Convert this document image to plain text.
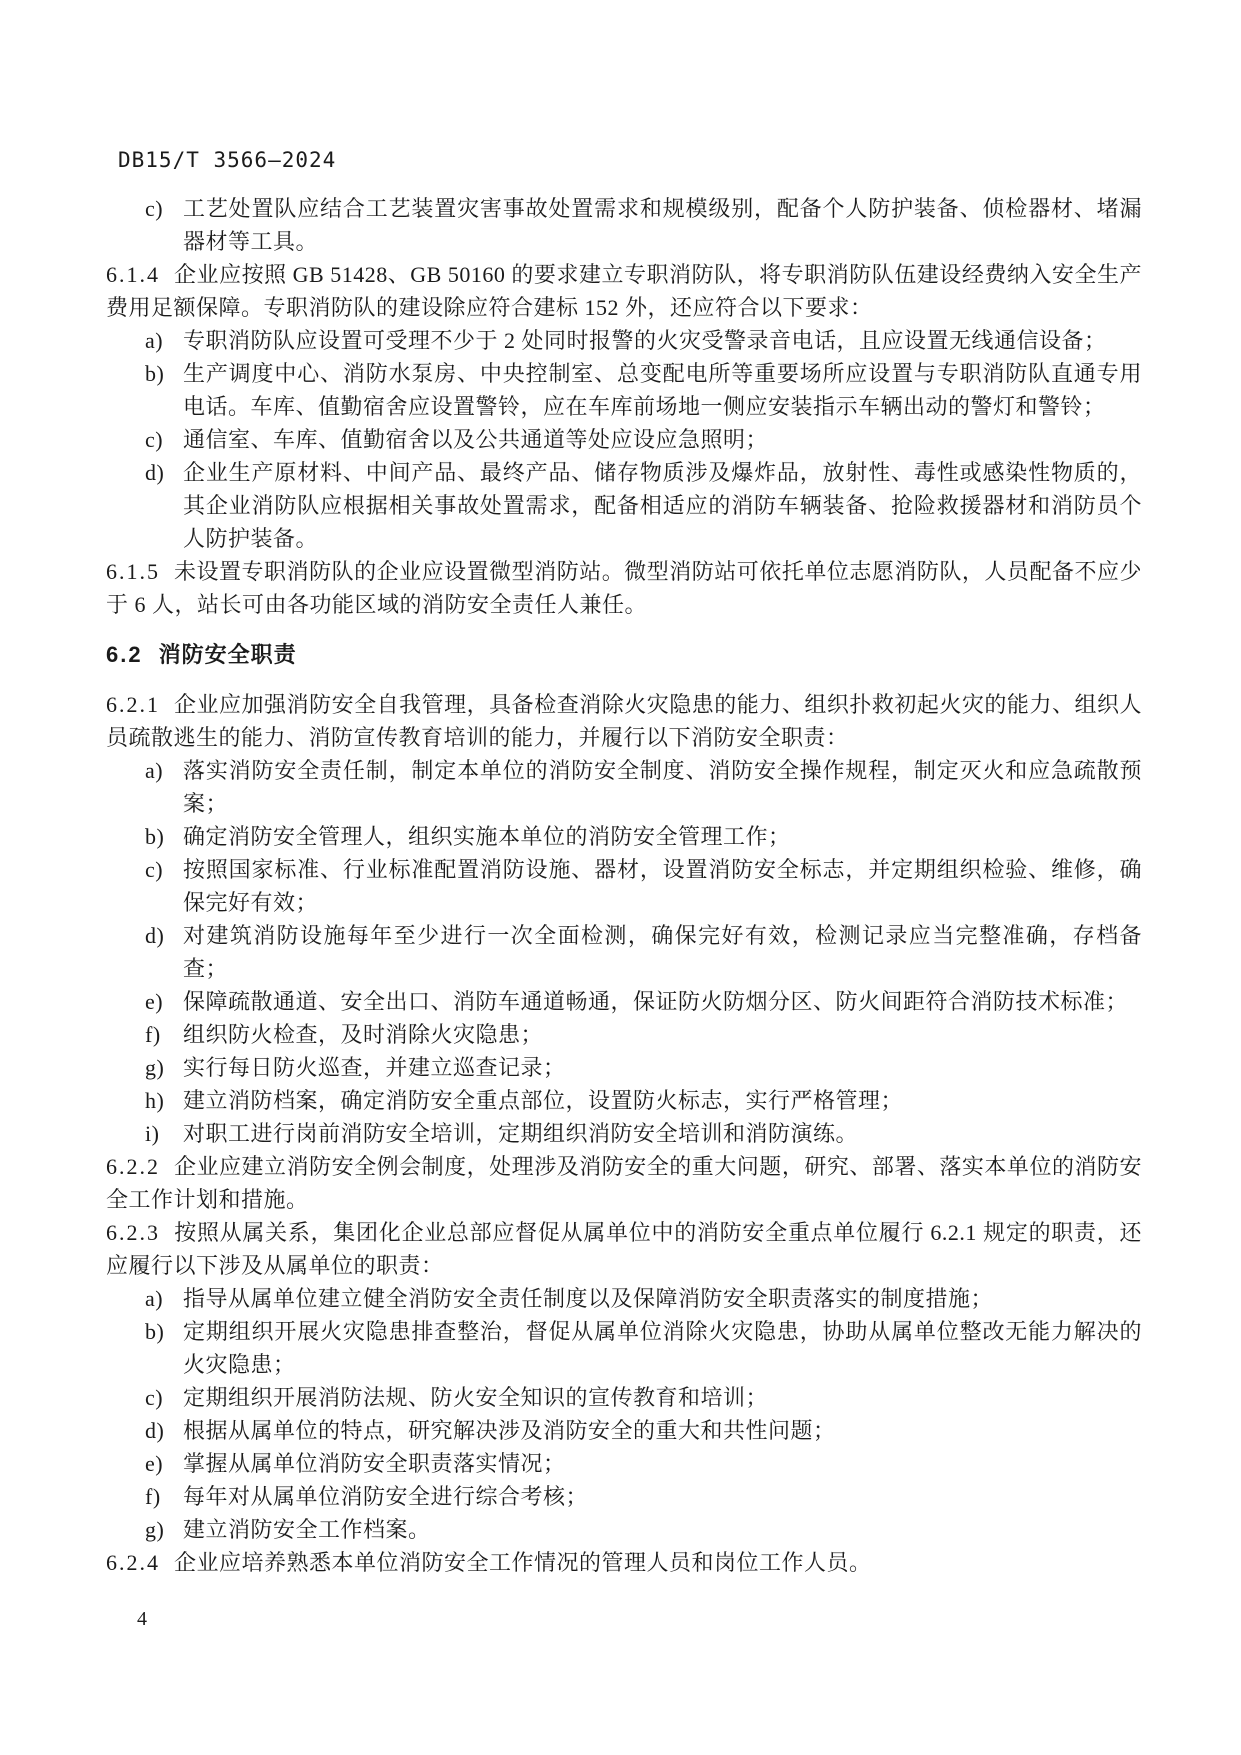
DB15/T 3566—2024
c) 工艺处置队应结合工艺装置灾害事故处置需求和规模级别，配备个人防护装备、侦检器材、堵漏器材等工具。

6.1.4 企业应按照 GB 51428、GB 50160 的要求建立专职消防队，将专职消防队伍建设经费纳入安全生产费用足额保障。专职消防队的建设除应符合建标 152 外，还应符合以下要求：

a) 专职消防队应设置可受理不少于 2 处同时报警的火灾受警录音电话，且应设置无线通信设备；
b) 生产调度中心、消防水泵房、中央控制室、总变配电所等重要场所应设置与专职消防队直通专用电话。车库、值勤宿舍应设置警铃，应在车库前场地一侧应安装指示车辆出动的警灯和警铃；
c) 通信室、车库、值勤宿舍以及公共通道等处应设应急照明；
d) 企业生产原材料、中间产品、最终产品、储存物质涉及爆炸品，放射性、毒性或感染性物质的，其企业消防队应根据相关事故处置需求，配备相适应的消防车辆装备、抢险救援器材和消防员个人防护装备。

6.1.5 未设置专职消防队的企业应设置微型消防站。微型消防站可依托单位志愿消防队，人员配备不应少于 6 人，站长可由各功能区域的消防安全责任人兼任。

6.2 消防安全职责

6.2.1 企业应加强消防安全自我管理，具备检查消除火灾隐患的能力、组织扑救初起火灾的能力、组织人员疏散逃生的能力、消防宣传教育培训的能力，并履行以下消防安全职责：

a) 落实消防安全责任制，制定本单位的消防安全制度、消防安全操作规程，制定灭火和应急疏散预案；
b) 确定消防安全管理人，组织实施本单位的消防安全管理工作；
c) 按照国家标准、行业标准配置消防设施、器材，设置消防安全标志，并定期组织检验、维修，确保完好有效；
d) 对建筑消防设施每年至少进行一次全面检测，确保完好有效，检测记录应当完整准确，存档备查；
e) 保障疏散通道、安全出口、消防车通道畅通，保证防火防烟分区、防火间距符合消防技术标准；
f)	组织防火检查，及时消除火灾隐患；
g) 实行每日防火巡查，并建立巡查记录；
h) 建立消防档案，确定消防安全重点部位，设置防火标志，实行严格管理；
i)	对职工进行岗前消防安全培训，定期组织消防安全培训和消防演练。

6.2.2 企业应建立消防安全例会制度，处理涉及消防安全的重大问题，研究、部署、落实本单位的消防安全工作计划和措施。

6.2.3 按照从属关系，集团化企业总部应督促从属单位中的消防安全重点单位履行 6.2.1 规定的职责，还应履行以下涉及从属单位的职责：

a) 指导从属单位建立健全消防安全责任制度以及保障消防安全职责落实的制度措施；
b) 定期组织开展火灾隐患排查整治，督促从属单位消除火灾隐患，协助从属单位整改无能力解决的火灾隐患；
c) 定期组织开展消防法规、防火安全知识的宣传教育和培训；
d) 根据从属单位的特点，研究解决涉及消防安全的重大和共性问题；
e) 掌握从属单位消防安全职责落实情况；
f)	每年对从属单位消防安全进行综合考核；
g) 建立消防安全工作档案。

6.2.4 企业应培养熟悉本单位消防安全工作情况的管理人员和岗位工作人员。

4
